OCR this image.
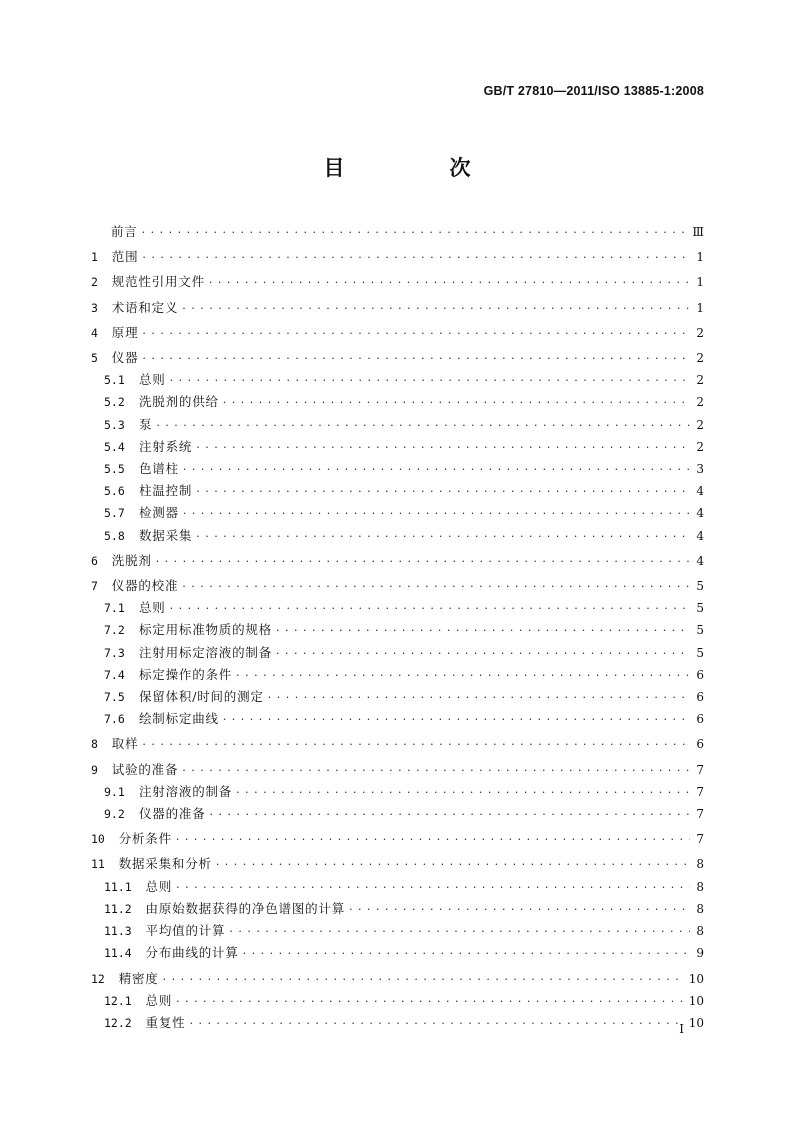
GB/T 27810—2011/ISO 13885-1:2008
目　次
前言 · · ·	Ⅲ
1 范围 · · ·	1
2 规范性引用文件 · · ·	1
3 术语和定义 · · ·	1
4 原理 · · ·	2
5 仪器 · · ·	2
5.1 总则 · · ·	2
5.2 洗脱剂的供给 · · ·	2
5.3 泵 · · ·	2
5.4 注射系统 · · ·	2
5.5 色谱柱 · · ·	3
5.6 柱温控制 · · ·	4
5.7 检测器 · · ·	4
5.8 数据采集 · · ·	4
6 洗脱剂 · · ·	4
7 仪器的校准 · · ·	5
7.1 总则 · · ·	5
7.2 标定用标准物质的规格 · · ·	5
7.3 注射用标定溶液的制备 · · ·	5
7.4 标定操作的条件 · · ·	6
7.5 保留体积/时间的测定 · · ·	6
7.6 绘制标定曲线 · · ·	6
8 取样 · · ·	6
9 试验的准备 · · ·	7
9.1 注射溶液的制备 · · ·	7
9.2 仪器的准备 · · ·	7
10 分析条件 · · ·	7
11 数据采集和分析 · · ·	8
11.1 总则 · · ·	8
11.2 由原始数据获得的净色谱图的计算 · · ·	8
11.3 平均值的计算 · · ·	8
11.4 分布曲线的计算 · · ·	9
12 精密度 · · ·	10
12.1 总则 · · ·	10
12.2 重复性 · · ·	10
I
